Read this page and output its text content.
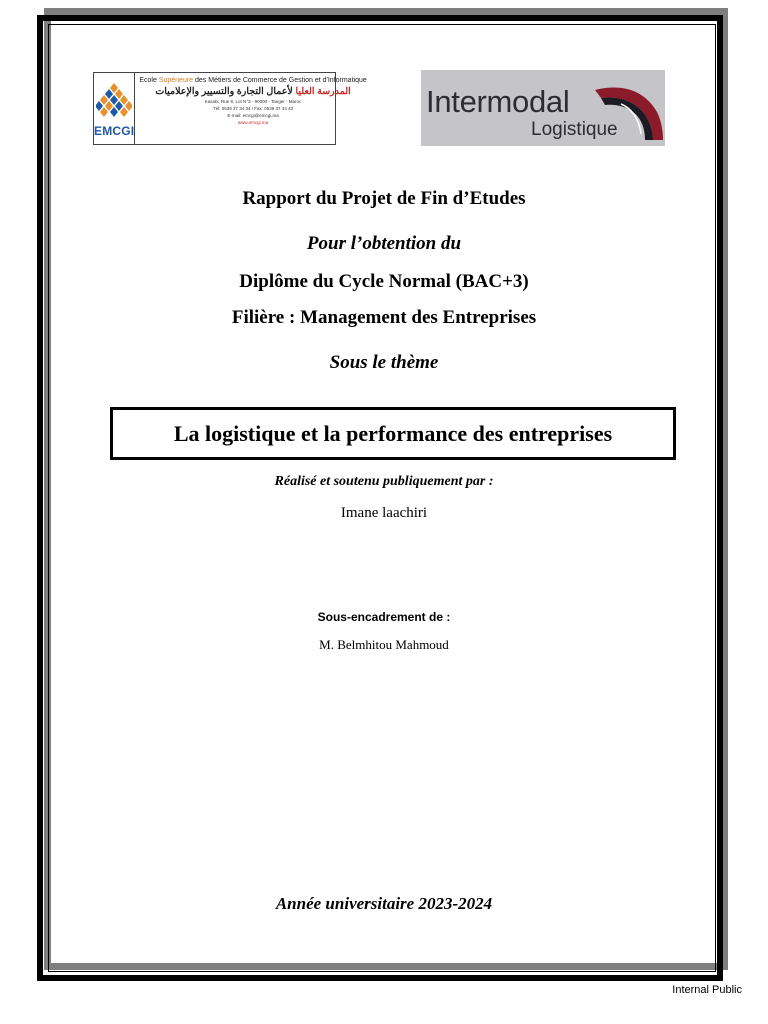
EMCGI
Ecole Supérieure des Métiers de Commerce de Gestion et d'Informatique
المدرسة العليا لأعمال التجارة والتسيير والإعلاميات
Kasabi, Rue 8, Lot N°3 - 90000 - Tanger - Maroc
Tél: 0539 37 34 34 / Fax: 0539 37 34 43
E-mail: emcgi@emcgi.ma
www.emcgi.ma
Intermodal
Logistique
Rapport du Projet de Fin d’Etudes
Pour l’obtention du
Diplôme du Cycle Normal (BAC+3)
Filière : Management des Entreprises
Sous le thème
La logistique et la performance des entreprises
Réalisé et soutenu publiquement par :
Imane laachiri
Sous-encadrement de :
M. Belmhitou Mahmoud
Année universitaire 2023-2024
Internal Public
